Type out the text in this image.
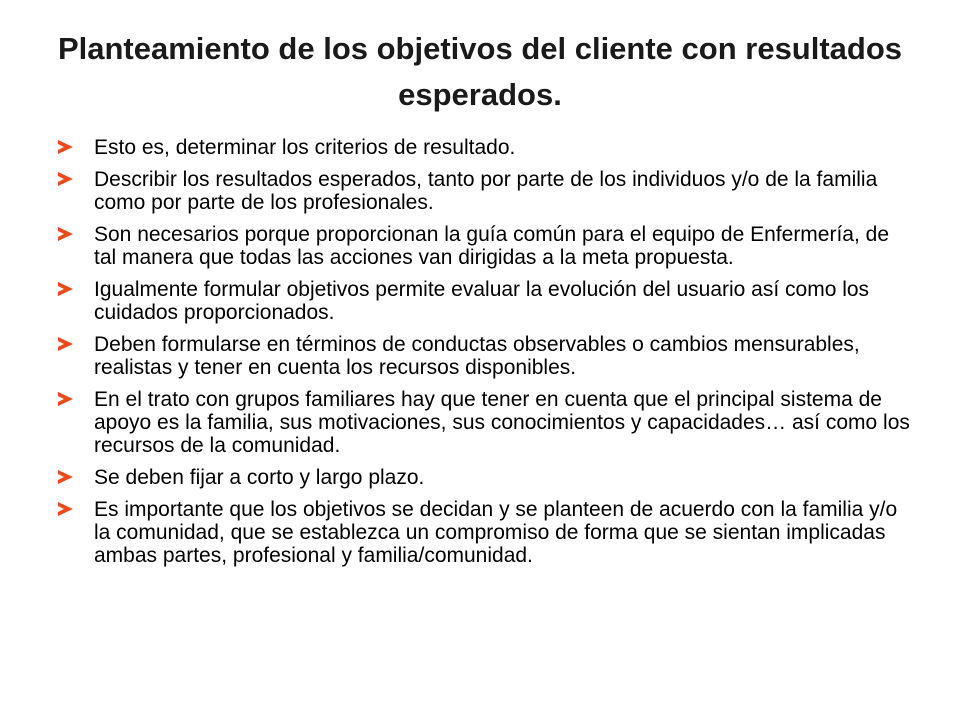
Planteamiento de los objetivos del cliente con resultados esperados.
Esto es, determinar los criterios de resultado.
Describir los resultados esperados, tanto por parte de los individuos y/o de la familia como por parte de los profesionales.
Son necesarios porque proporcionan la guía común para el equipo de Enfermería, de tal manera que todas las acciones van dirigidas a la meta propuesta.
Igualmente formular objetivos permite evaluar la evolución del usuario así como los cuidados proporcionados.
Deben formularse en términos de conductas observables o cambios mensurables, realistas y tener en cuenta los recursos disponibles.
En el trato con grupos familiares hay que tener en cuenta que el principal sistema de apoyo es la familia, sus motivaciones, sus conocimientos y capacidades… así como los recursos de la comunidad.
Se deben fijar a corto y largo plazo.
Es importante que los objetivos se decidan y se planteen de acuerdo con la familia y/o la comunidad, que se establezca un compromiso de forma que se sientan implicadas ambas partes, profesional y familia/comunidad.
